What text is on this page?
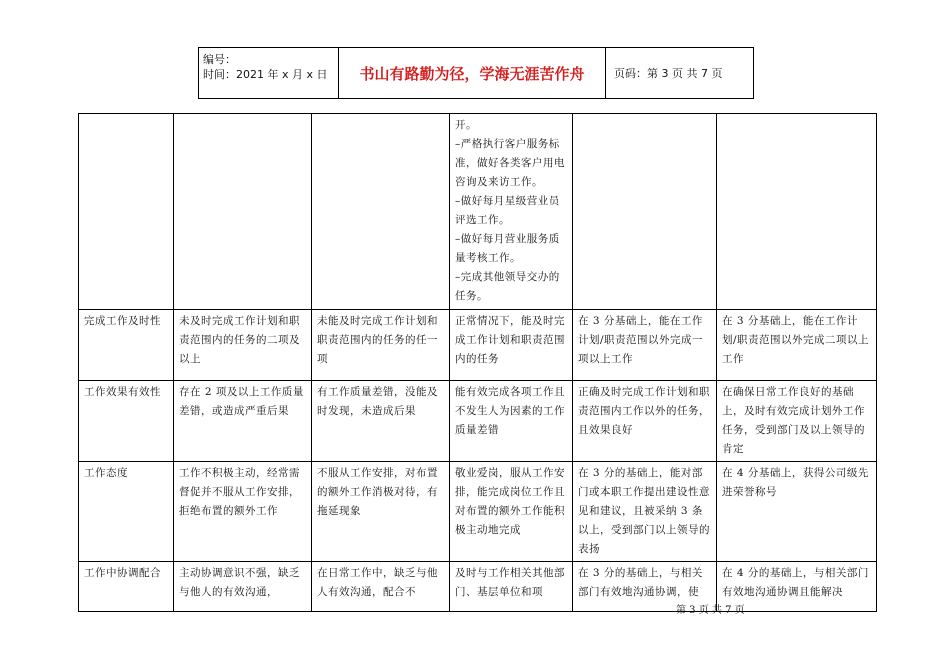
编号：
时间：2021 年 x 月 x 日	书山有路勤为径，学海无涯苦作舟	页码：第 3 页 共 7 页

			开。
–严格执行客户服务标准，做好各类客户用电咨询及来访工作。
–做好每月星级营业员评选工作。
–做好每月营业服务质量考核工作。
–完成其他领导交办的任务。		

完成工作及时性	未及时完成工作计划和职责范围内的任务的二项及以上	未能及时完成工作计划和职责范围内的任务的任一项	正常情况下，能及时完成工作计划和职责范围内的任务	在 3 分基础上，能在工作计划/职责范围以外完成一项以上工作	在 3 分基础上，能在工作计划/职责范围以外完成二项以上工作
工作效果有效性	存在 2 项及以上工作质量差错，或造成严重后果	有工作质量差错，没能及时发现，未造成后果	能有效完成各项工作且不发生人为因素的工作质量差错	正确及时完成工作计划和职责范围内工作以外的任务，且效果良好	在确保日常工作良好的基础上，及时有效完成计划外工作任务，受到部门及以上领导的肯定
工作态度	工作不积极主动，经常需督促并不服从工作安排，拒绝布置的额外工作	不服从工作安排，对布置的额外工作消极对待，有拖延现象	敬业爱岗，服从工作安排，能完成岗位工作且对布置的额外工作能积极主动地完成	在 3 分的基础上，能对部门或本职工作提出建设性意见和建议，且被采纳 3 条以上，受到部门以上领导的表扬	在 4 分基础上，获得公司级先进荣誉称号
工作中协调配合	主动协调意识不强，缺乏与他人的有效沟通，	在日常工作中，缺乏与他人有效沟通，配合不	及时与工作相关其他部门、基层单位和项	在 3 分的基础上，与相关部门有效地沟通协调，使	在 4 分的基础上，与相关部门有效地沟通协调且能解决
第 3 页 共 7 页
